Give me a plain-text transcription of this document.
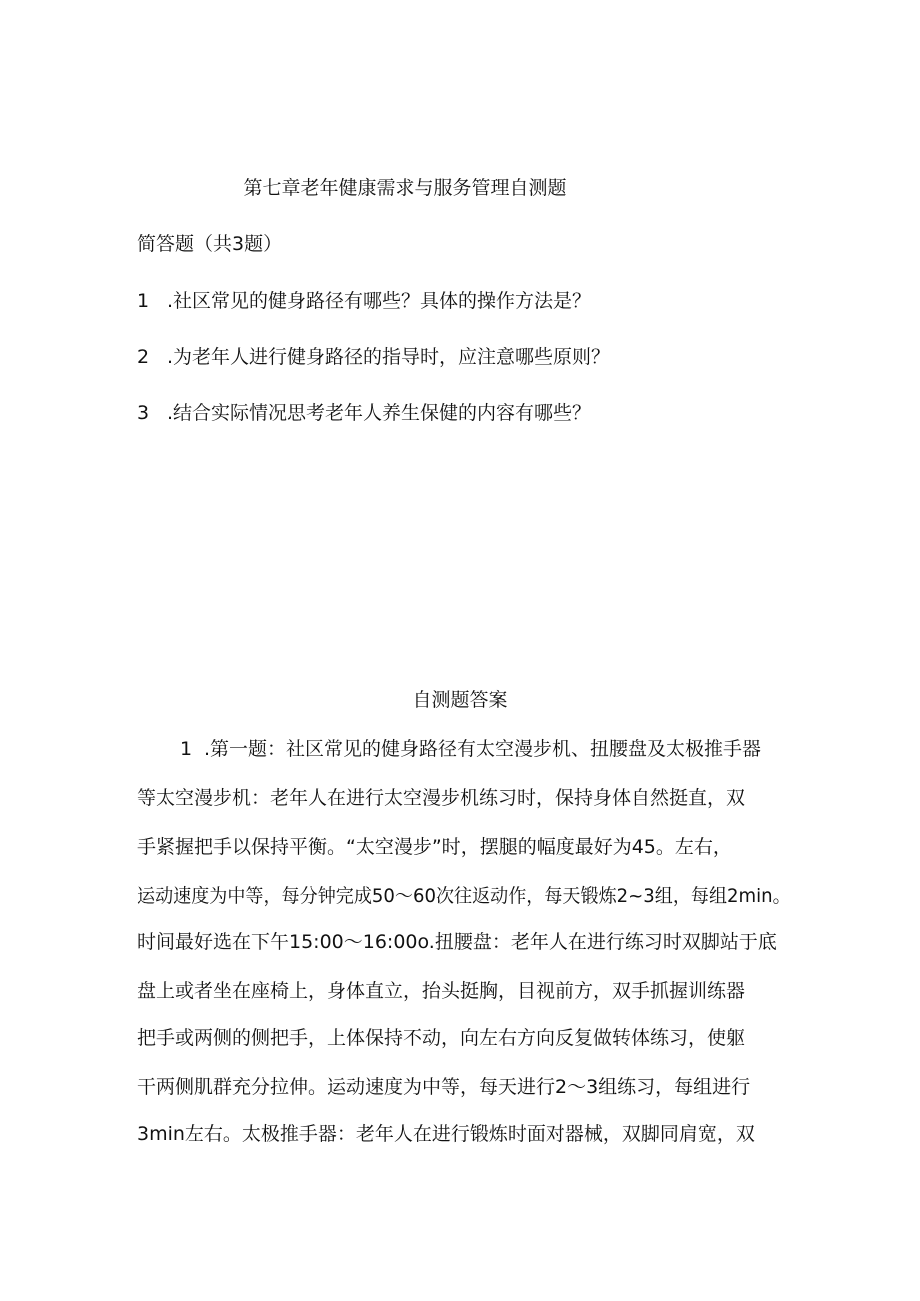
第七章老年健康需求与服务管理自测题
简答题（共3题）
1 .社区常见的健身路径有哪些？具体的操作方法是？
2 .为老年人进行健身路径的指导时，应注意哪些原则？
3 .结合实际情况思考老年人养生保健的内容有哪些？
自测题答案
1 .第一题：社区常见的健身路径有太空漫步机、扭腰盘及太极推手器
等太空漫步机：老年人在进行太空漫步机练习时，保持身体自然挺直，双
手紧握把手以保持平衡。“太空漫步”时，摆腿的幅度最好为45。左右，
运动速度为中等，每分钟完成50〜60次往返动作，每天锻炼2~3组，每组2min。
时间最好选在下午15:00〜16:00o.扭腰盘：老年人在进行练习时双脚站于底
盘上或者坐在座椅上，身体直立，抬头挺胸，目视前方，双手抓握训练器
把手或两侧的侧把手，上体保持不动，向左右方向反复做转体练习，使躯
干两侧肌群充分拉伸。运动速度为中等，每天进行2〜3组练习，每组进行
3min左右。太极推手器：老年人在进行锻炼时面对器械，双脚同肩宽，双
